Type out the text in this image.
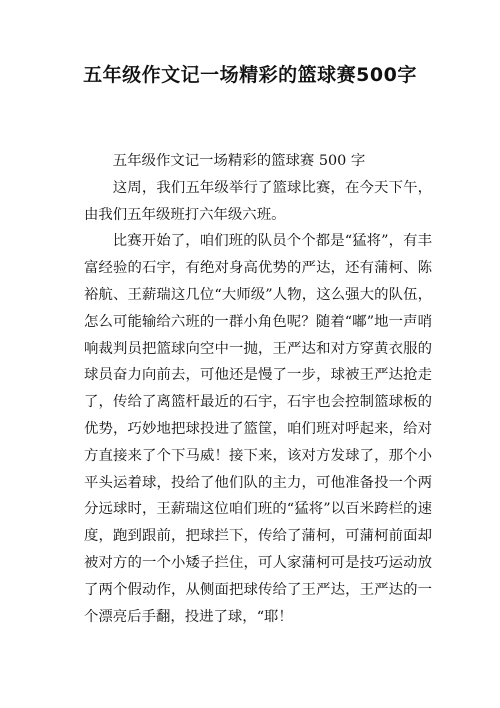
五年级作文记一场精彩的篮球赛500字

五年级作文记一场精彩的篮球赛 500 字

这周，我们五年级举行了篮球比赛，在今天下午，由我们五年级班打六年级六班。

比赛开始了，咱们班的队员个个都是“猛将”，有丰富经验的石宇，有绝对身高优势的严达，还有蒲柯、陈裕航、王薪瑞这几位“大师级”人物，这么强大的队伍，怎么可能输给六班的一群小角色呢？随着“嘟”地一声哨响裁判员把篮球向空中一抛，王严达和对方穿黄衣服的球员奋力向前去，可他还是慢了一步，球被王严达抢走了，传给了离篮杆最近的石宇，石宇也会控制篮球板的优势，巧妙地把球投进了篮筐，咱们班对呼起来，给对方直接来了个下马威！接下来，该对方发球了，那个小平头运着球，投给了他们队的主力，可他准备投一个两分远球时，王薪瑞这位咱们班的“猛将”以百米跨栏的速度，跑到跟前，把球拦下，传给了蒲柯，可蒲柯前面却被对方的一个小矮子拦住，可人家蒲柯可是技巧运动放了两个假动作，从侧面把球传给了王严达，王严达的一个漂亮后手翻，投进了球，“耶！
